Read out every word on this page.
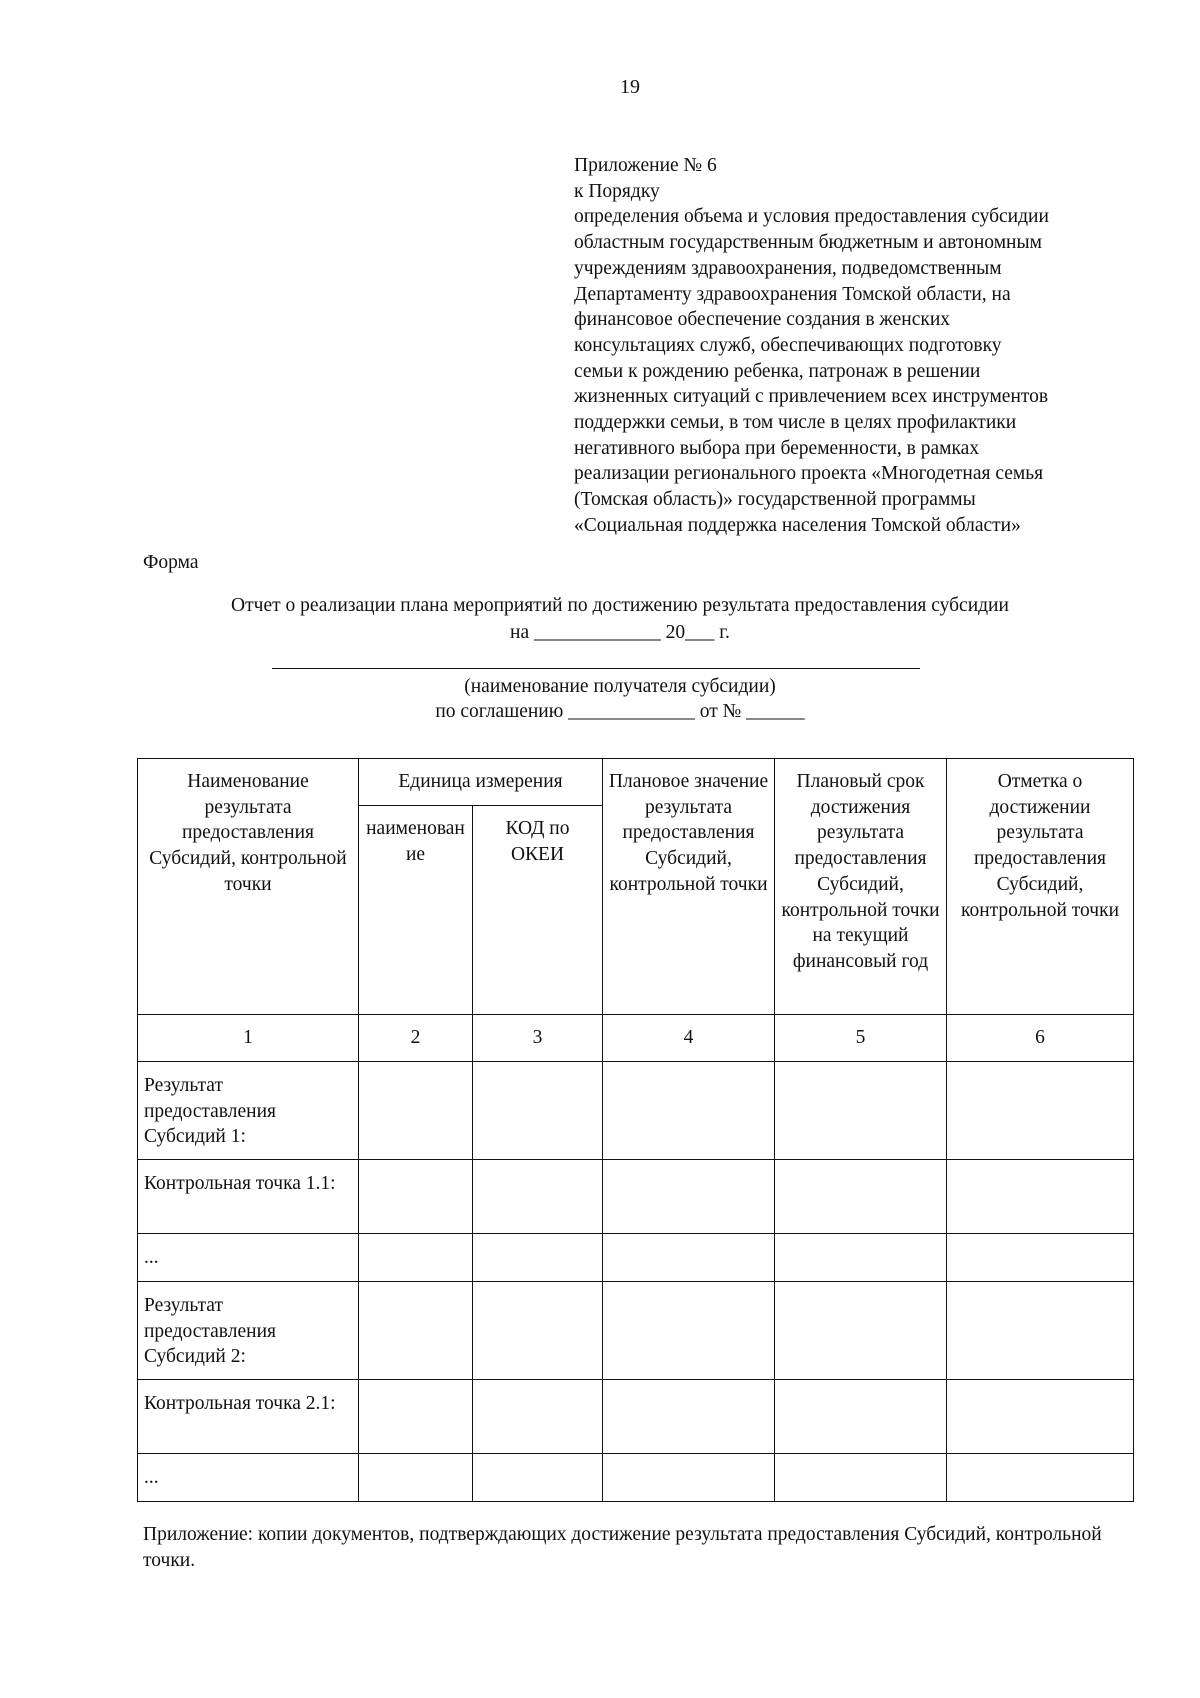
19
Приложение № 6
к Порядку
определения объема и условия предоставления субсидии
областным государственным бюджетным и автономным
учреждениям здравоохранения, подведомственным
Департаменту здравоохранения Томской области, на
финансовое обеспечение создания в женских
консультациях служб, обеспечивающих подготовку
семьи к рождению ребенка, патронаж в решении
жизненных ситуаций с привлечением всех инструментов
поддержки семьи, в том числе в целях профилактики
негативного выбора при беременности, в рамках
реализации регионального проекта «Многодетная семья
(Томская область)» государственной программы
«Социальная поддержка населения Томской области»
Форма
Отчет о реализации плана мероприятий по достижению результата предоставления субсидии
на _____________ 20___ г.
(наименование получателя субсидии)
по соглашению _____________ от № ______
Наименование результата предоставления Субсидий, контрольной точки	Единица измерения		Плановое значение результата предоставления Субсидий, контрольной точки	Плановый срок достижения результата предоставления Субсидий, контрольной точки на текущий финансовый год	Отметка о достижении результата предоставления Субсидий, контрольной точки
	наименование	КОД по ОКЕИ			
1	2	3	4	5	6
Результат предоставления Субсидий 1:					
Контрольная точка 1.1:					
...					
Результат предоставления Субсидий 2:					
Контрольная точка 2.1:					
...					
Приложение: копии документов, подтверждающих достижение результата предоставления Субсидий, контрольной точки.
